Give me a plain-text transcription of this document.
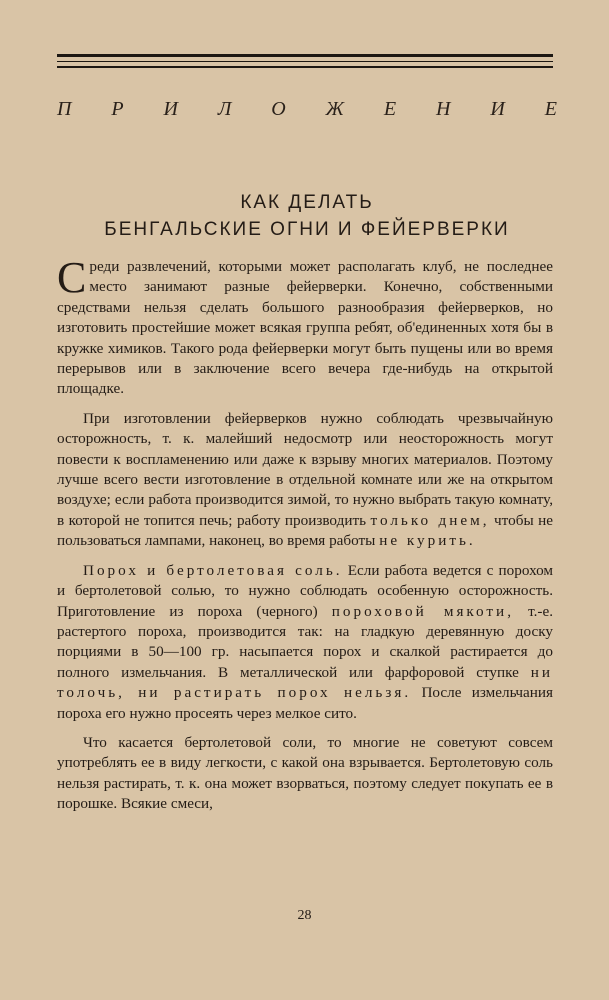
П Р И Л О Ж Е Н И Е
КАК ДЕЛАТЬ
БЕНГАЛЬСКИЕ ОГНИ И ФЕЙЕРВЕРКИ

Среди развлечений, которыми может располагать клуб, не последнее место занимают разные фейерверки. Конечно, собственными средствами нельзя сделать большого разнообразия фейерверков, но изготовить простейшие может всякая группа ребят, об'единенных хотя бы в кружке химиков. Такого рода фейерверки могут быть пущены или во время перерывов или в заключение всего вечера где-нибудь на открытой площадке.

При изготовлении фейерверков нужно соблюдать чрезвычайную осторожность, т. к. малейший недосмотр или неосторожность могут повести к воспламенению или даже к взрыву многих материалов. Поэтому лучше всего вести изготовление в отдельной комнате или же на открытом воздухе; если работа производится зимой, то нужно выбрать такую комнату, в которой не топится печь; работу производить только днем, чтобы не пользоваться лампами, наконец, во время работы не курить.

Порох и бертолетовая соль. Если работа ведется с порохом и бертолетовой солью, то нужно соблюдать особенную осторожность. Приготовление из пороха (черного) пороховой мякоти, т.-е. растертого пороха, производится так: на гладкую деревянную доску порциями в 50—100 гр. насыпается порох и скалкой растирается до полного измельчания. В металлической или фарфоровой ступке ни толочь, ни растирать порох нельзя. После измельчания пороха его нужно просеять через мелкое сито.

Что касается бертолетовой соли, то многие не советуют совсем употреблять ее в виду легкости, с какой она взрывается. Бертолетовую соль нельзя растирать, т. к. она может взорваться, поэтому следует покупать ее в порошке. Всякие смеси,

28
